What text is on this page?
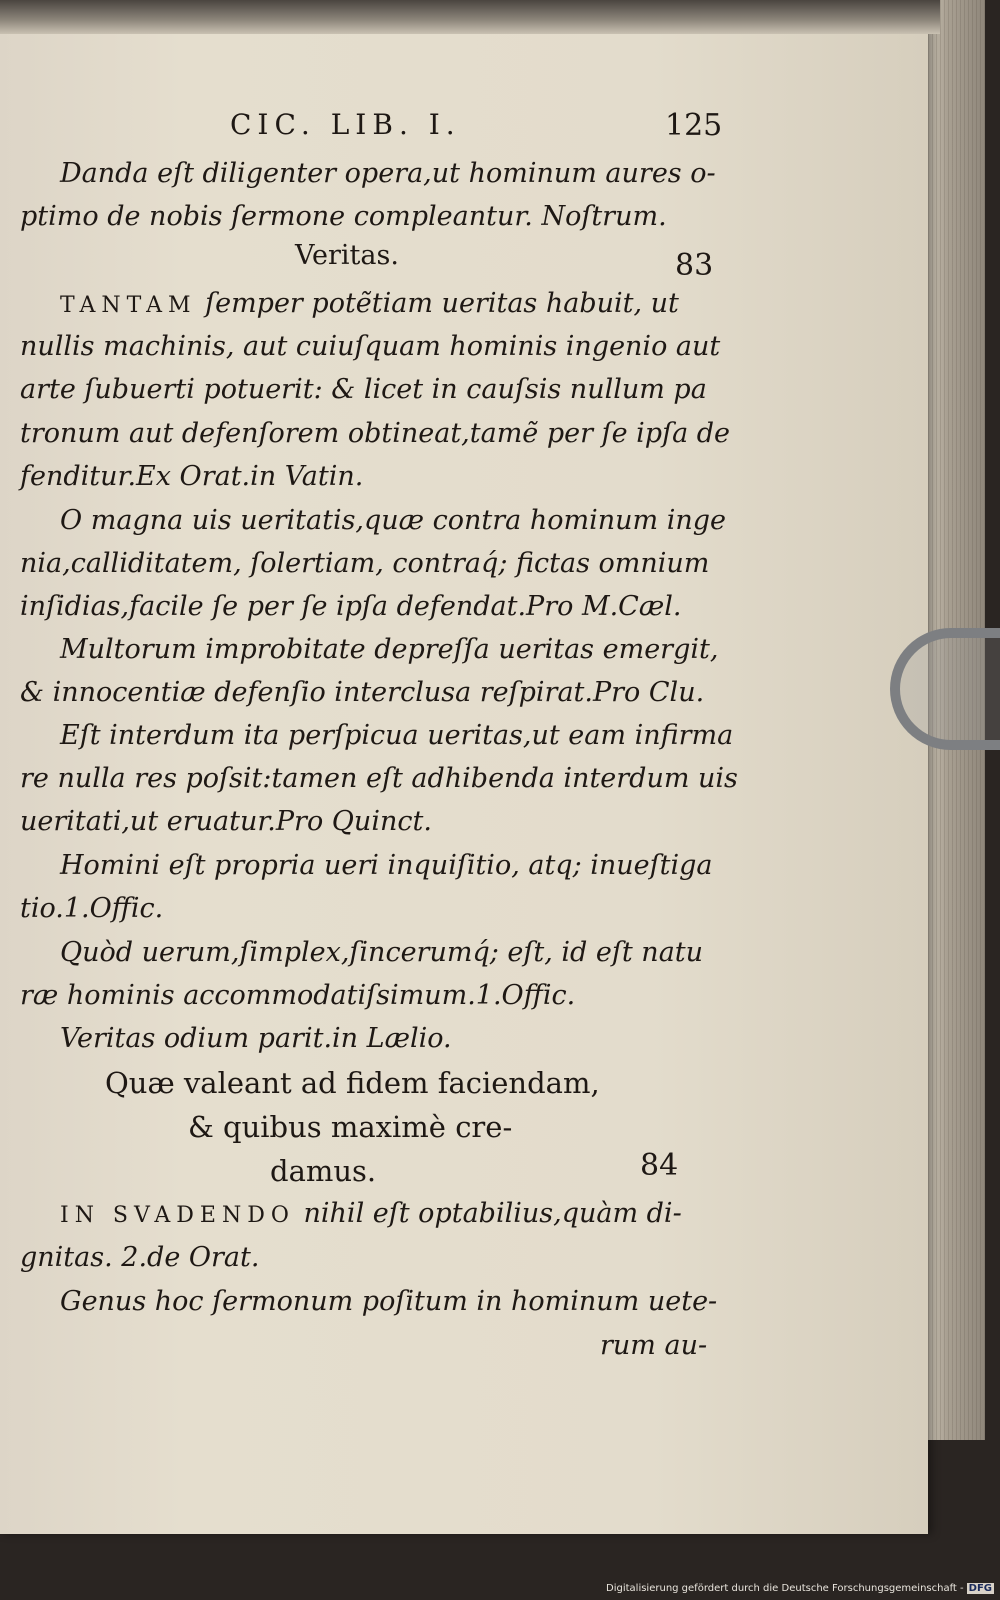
CIC. LIB. I.	125
Danda eſt diligenter opera,ut hominum aures o-
ptimo de nobis ſermone compleantur. Noſtrum.
Veritas.	83
TANTAM ſemper potẽtiam ueritas habuit, ut
nullis machinis, aut cuiuſquam hominis ingenio aut
arte ſubuerti potuerit: & licet in cauſsis nullum pa
tronum aut defenſorem obtineat,tamẽ per ſe ipſa de
fenditur.Ex Orat.in Vatin.
O magna uis ueritatis,quæ contra hominum inge
nia,calliditatem, ſolertiam, contraq́; fictas omnium
inſidias,facile ſe per ſe ipſa defendat.Pro M.Cæl.
Multorum improbitate depreſſa ueritas emergit,
& innocentiæ defenſio interclusa reſpirat.Pro Clu.
Eſt interdum ita perſpicua ueritas,ut eam infirma
re nulla res poſsit:tamen eſt adhibenda interdum uis
ueritati,ut eruatur.Pro Quinct.
Homini eſt propria ueri inquiſitio, atq; inueſtiga
tio.1.Offic.
Quòd uerum,ſimplex,ſincerumq́; eſt, id eſt natu
ræ hominis accommodatiſsimum.1.Offic.
Veritas odium parit.in Lælio.
Quæ valeant ad fidem faciendam,
& quibus maximè cre-
damus.	84
IN SVADENDO nihil eſt optabilius,quàm di-
gnitas. 2.de Orat.
Genus hoc ſermonum poſitum in hominum uete-
rum au-
Digitalisierung gefördert durch die Deutsche Forschungsgemeinschaft - DFG
